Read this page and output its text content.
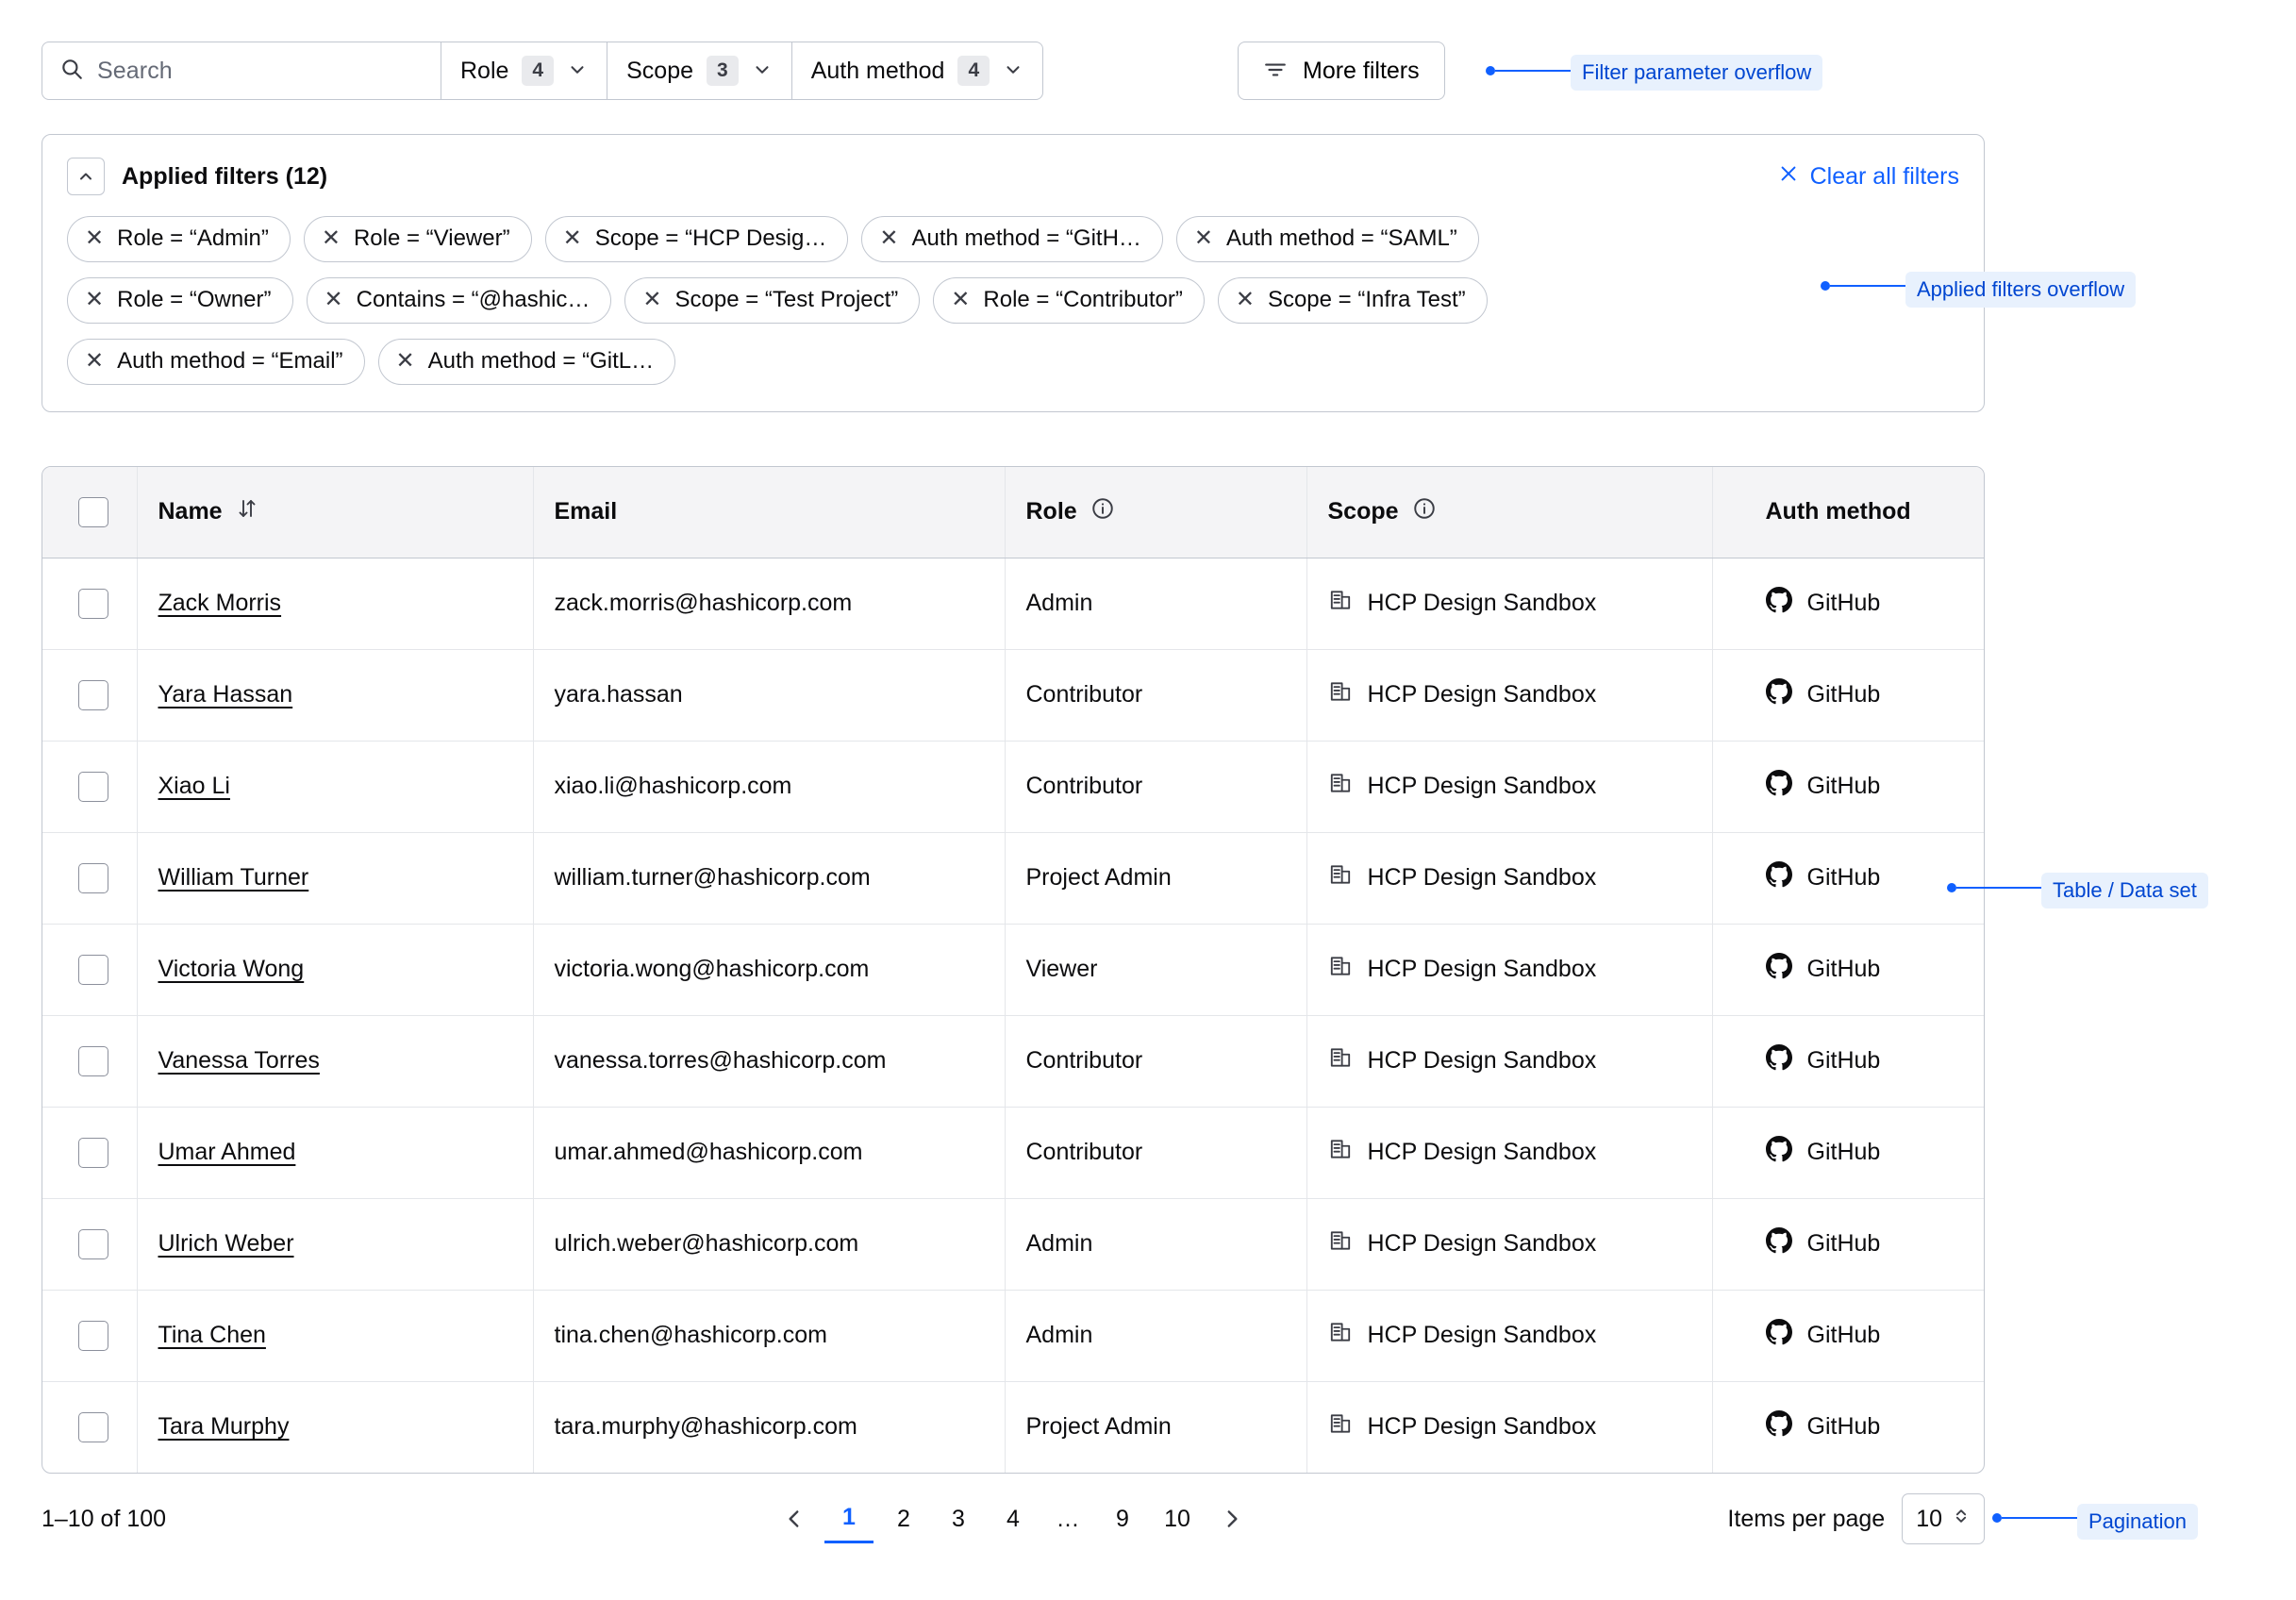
Search	Role	4	Scope	3	Auth method	4	More filters	Filter parameter overflow
Applied filters (12)	Clear all filters
✕ Role = “Admin” ✕ Role = “Viewer” ✕ Scope = “HCP Desig… ✕ Auth method = “GitH… ✕ Auth method = “SAML”
✕ Role = “Owner” ✕ Contains = “@hashic… ✕ Scope = “Test Project” ✕ Role = “Contributor” ✕ Scope = “Infra Test”
✕ Auth method = “Email” ✕ Auth method = “GitL…
Applied filters overflow

	Name	Email	Role	Scope	Auth method

	Zack Morris	zack.morris@hashicorp.com	Admin	HCP Design Sandbox	GitHub

	Yara Hassan	yara.hassan	Contributor	HCP Design Sandbox	GitHub

	Xiao Li	xiao.li@hashicorp.com	Contributor	HCP Design Sandbox	GitHub

	William Turner	william.turner@hashicorp.com	Project Admin	HCP Design Sandbox	GitHub

	Victoria Wong	victoria.wong@hashicorp.com	Viewer	HCP Design Sandbox	GitHub

	Vanessa Torres	vanessa.torres@hashicorp.com	Contributor	HCP Design Sandbox	GitHub

	Umar Ahmed	umar.ahmed@hashicorp.com	Contributor	HCP Design Sandbox	GitHub

	Ulrich Weber	ulrich.weber@hashicorp.com	Admin	HCP Design Sandbox	GitHub

	Tina Chen	tina.chen@hashicorp.com	Admin	HCP Design Sandbox	GitHub

	Tara Murphy	tara.murphy@hashicorp.com	Project Admin	HCP Design Sandbox	GitHub
Table / Data set
1–10 of 100	1	2	3	4	…	9	10	Items per page 10	Pagination
